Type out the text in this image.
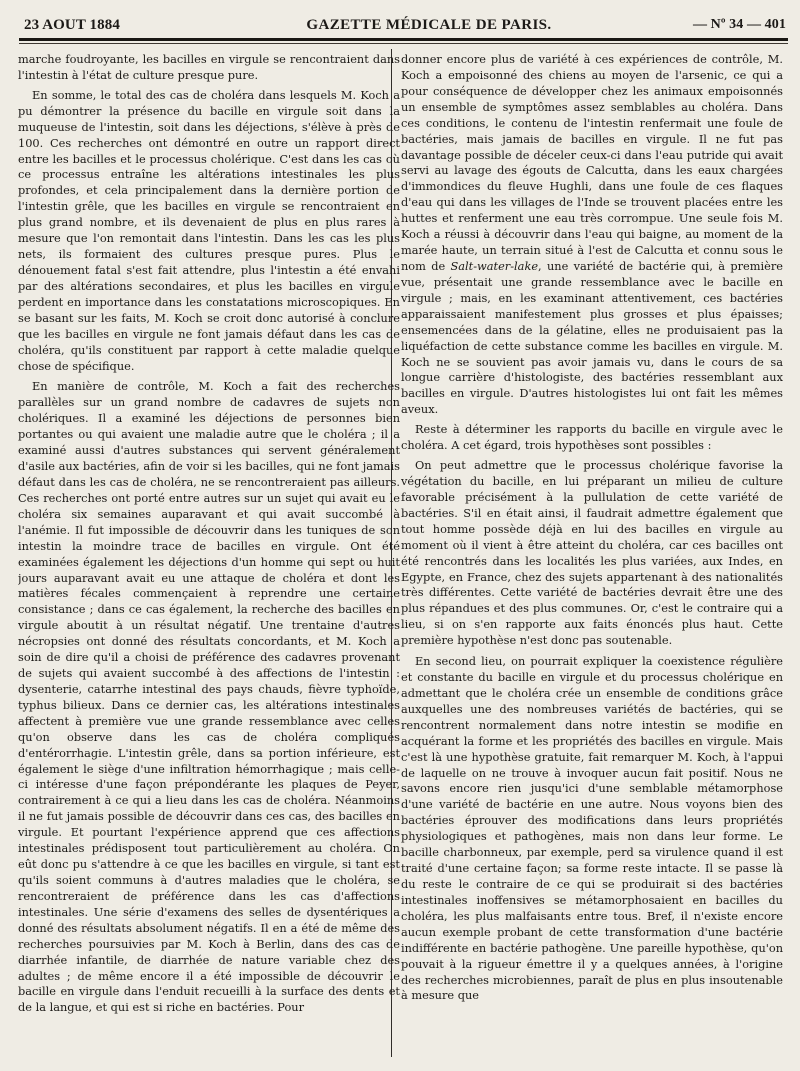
23 AOUT 1884	GAZETTE MÉDICALE DE PARIS.	— Nº 34 — 401

marche foudroyante, les bacilles en virgule se rencontraient dans l'intestin à l'état de culture presque pure.

En somme, le total des cas de choléra dans lesquels M. Koch a pu démontrer la présence du bacille en virgule soit dans la muqueuse de l'intestin, soit dans les déjections, s'élève à près de 100. Ces recherches ont démontré en outre un rapport direct entre les bacilles et le processus cholérique. C'est dans les cas où ce processus entraîne les altérations intestinales les plus profondes, et cela principalement dans la dernière portion de l'intestin grêle, que les bacilles en virgule se rencontraient en plus grand nombre, et ils devenaient de plus en plus rares à mesure que l'on remontait dans l'intestin. Dans les cas les plus nets, ils formaient des cultures presque pures. Plus le dénouement fatal s'est fait attendre, plus l'intestin a été envahi par des altérations secondaires, et plus les bacilles en virgule perdent en importance dans les constatations microscopiques. En se basant sur les faits, M. Koch se croit donc autorisé à conclure que les bacilles en virgule ne font jamais défaut dans les cas de choléra, qu'ils constituent par rapport à cette maladie quelque chose de spécifique.

En manière de contrôle, M. Koch a fait des recherches parallèles sur un grand nombre de cadavres de sujets non cholériques. Il a examiné les déjections de personnes bien portantes ou qui avaient une maladie autre que le choléra ; il a examiné aussi d'autres substances qui servent généralement d'asile aux bactéries, afin de voir si les bacilles, qui ne font jamais défaut dans les cas de choléra, ne se rencontreraient pas ailleurs. Ces recherches ont porté entre autres sur un sujet qui avait eu le choléra six semaines auparavant et qui avait succombé à l'anémie. Il fut impossible de découvrir dans les tuniques de son intestin la moindre trace de bacilles en virgule. Ont été examinées également les déjections d'un homme qui sept ou huit jours auparavant avait eu une attaque de choléra et dont les matières fécales commençaient à reprendre une certaine consistance ; dans ce cas également, la recherche des bacilles en virgule aboutit à un résultat négatif. Une trentaine d'autres nécropsies ont donné des résultats concordants, et M. Koch a soin de dire qu'il a choisi de préférence des cadavres provenant de sujets qui avaient succombé à des affections de l'intestin : dysenterie, catarrhe intestinal des pays chauds, fièvre typhoïde, typhus bilieux. Dans ce dernier cas, les altérations intestinales affectent à première vue une grande ressemblance avec celles qu'on observe dans les cas de choléra compliqués d'entérorrhagie. L'intestin grêle, dans sa portion inférieure, est également le siège d'une infiltration hémorrhagique ; mais celle-ci intéresse d'une façon prépondérante les plaques de Peyer, contrairement à ce qui a lieu dans les cas de choléra. Néanmoins il ne fut jamais possible de découvrir dans ces cas, des bacilles en virgule. Et pourtant l'expérience apprend que ces affections intestinales prédisposent tout particulièrement au choléra. On eût donc pu s'attendre à ce que les bacilles en virgule, si tant est qu'ils soient communs à d'autres maladies que le choléra, se rencontreraient de préférence dans les cas d'affections intestinales. Une série d'examens des selles de dysentériques a donné des résultats absolument négatifs. Il en a été de même des recherches poursuivies par M. Koch à Berlin, dans des cas de diarrhée infantile, de diarrhée de nature variable chez des adultes ; de même encore il a été impossible de découvrir le bacille en virgule dans l'enduit recueilli à la surface des dents et de la langue, et qui est si riche en bactéries. Pour

donner encore plus de variété à ces expériences de contrôle, M. Koch a empoisonné des chiens au moyen de l'arsenic, ce qui a pour conséquence de développer chez les animaux empoisonnés un ensemble de symptômes assez semblables au choléra. Dans ces conditions, le contenu de l'intestin renfermait une foule de bactéries, mais jamais de bacilles en virgule. Il ne fut pas davantage possible de déceler ceux-ci dans l'eau putride qui avait servi au lavage des égouts de Calcutta, dans les eaux chargées d'immondices du fleuve Hughli, dans une foule de ces flaques d'eau qui dans les villages de l'Inde se trouvent placées entre les huttes et renferment une eau très corrompue. Une seule fois M. Koch a réussi à découvrir dans l'eau qui baigne, au moment de la marée haute, un terrain situé à l'est de Calcutta et connu sous le nom de Salt-water-lake, une variété de bactérie qui, à première vue, présentait une grande ressemblance avec le bacille en virgule ; mais, en les examinant attentivement, ces bactéries apparaissaient manifestement plus grosses et plus épaisses; ensemencées dans de la gélatine, elles ne produisaient pas la liquéfaction de cette substance comme les bacilles en virgule. M. Koch ne se souvient pas avoir jamais vu, dans le cours de sa longue carrière d'histologiste, des bactéries ressemblant aux bacilles en virgule. D'autres histologistes lui ont fait les mêmes aveux.

Reste à déterminer les rapports du bacille en virgule avec le choléra. A cet égard, trois hypothèses sont possibles :

On peut admettre que le processus cholérique favorise la végétation du bacille, en lui préparant un milieu de culture favorable précisément à la pullulation de cette variété de bactéries. S'il en était ainsi, il faudrait admettre également que tout homme possède déjà en lui des bacilles en virgule au moment où il vient à être atteint du choléra, car ces bacilles ont été rencontrés dans les localités les plus variées, aux Indes, en Egypte, en France, chez des sujets appartenant à des nationalités très différentes. Cette variété de bactéries devrait être une des plus répandues et des plus communes. Or, c'est le contraire qui a lieu, si on s'en rapporte aux faits énoncés plus haut. Cette première hypothèse n'est donc pas soutenable.

En second lieu, on pourrait expliquer la coexistence régulière et constante du bacille en virgule et du processus cholérique en admettant que le choléra crée un ensemble de conditions grâce auxquelles une des nombreuses variétés de bactéries, qui se rencontrent normalement dans notre intestin se modifie en acquérant la forme et les propriétés des bacilles en virgule. Mais c'est là une hypothèse gratuite, fait remarquer M. Koch, à l'appui de laquelle on ne trouve à invoquer aucun fait positif. Nous ne savons encore rien jusqu'ici d'une semblable métamorphose d'une variété de bactérie en une autre. Nous voyons bien des bactéries éprouver des modifications dans leurs propriétés physiologiques et pathogènes, mais non dans leur forme. Le bacille charbonneux, par exemple, perd sa virulence quand il est traité d'une certaine façon; sa forme reste intacte. Il se passe là du reste le contraire de ce qui se produirait si des bactéries intestinales inoffensives se métamorphosaient en bacilles du choléra, les plus malfaisants entre tous. Bref, il n'existe encore aucun exemple probant de cette transformation d'une bactérie indifférente en bactérie pathogène. Une pareille hypothèse, qu'on pouvait à la rigueur émettre il y a quelques années, à l'origine des recherches microbiennes, paraît de plus en plus insoutenable à mesure que
